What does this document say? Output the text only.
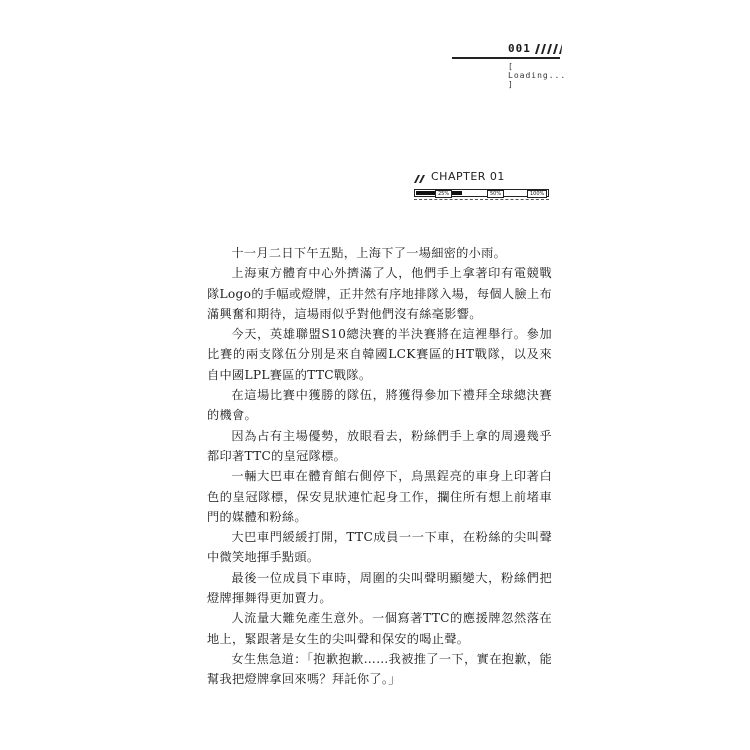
001
[ Loading... ]
CHAPTER 01
25%	50%	100%

十一月二日下午五點，上海下了一場細密的小雨。

上海東方體育中心外擠滿了人，他們手上拿著印有電競戰隊Logo的手幅或燈牌，正井然有序地排隊入場，每個人臉上布滿興奮和期待，這場雨似乎對他們沒有絲毫影響。

今天，英雄聯盟S10總決賽的半決賽將在這裡舉行。參加比賽的兩支隊伍分別是來自韓國LCK賽區的HT戰隊，以及來自中國LPL賽區的TTC戰隊。

在這場比賽中獲勝的隊伍，將獲得參加下禮拜全球總決賽的機會。

因為占有主場優勢，放眼看去，粉絲們手上拿的周邊幾乎都印著TTC的皇冠隊標。

一輛大巴車在體育館右側停下，烏黑鋥亮的車身上印著白色的皇冠隊標，保安見狀連忙起身工作，攔住所有想上前堵車門的媒體和粉絲。

大巴車門緩緩打開，TTC成員一一下車，在粉絲的尖叫聲中微笑地揮手點頭。

最後一位成員下車時，周圍的尖叫聲明顯變大，粉絲們把燈牌揮舞得更加賣力。

人流量大難免產生意外。一個寫著TTC的應援牌忽然落在地上，緊跟著是女生的尖叫聲和保安的喝止聲。

女生焦急道：「抱歉抱歉……我被推了一下，實在抱歉，能幫我把燈牌拿回來嗎？拜託你了。」
